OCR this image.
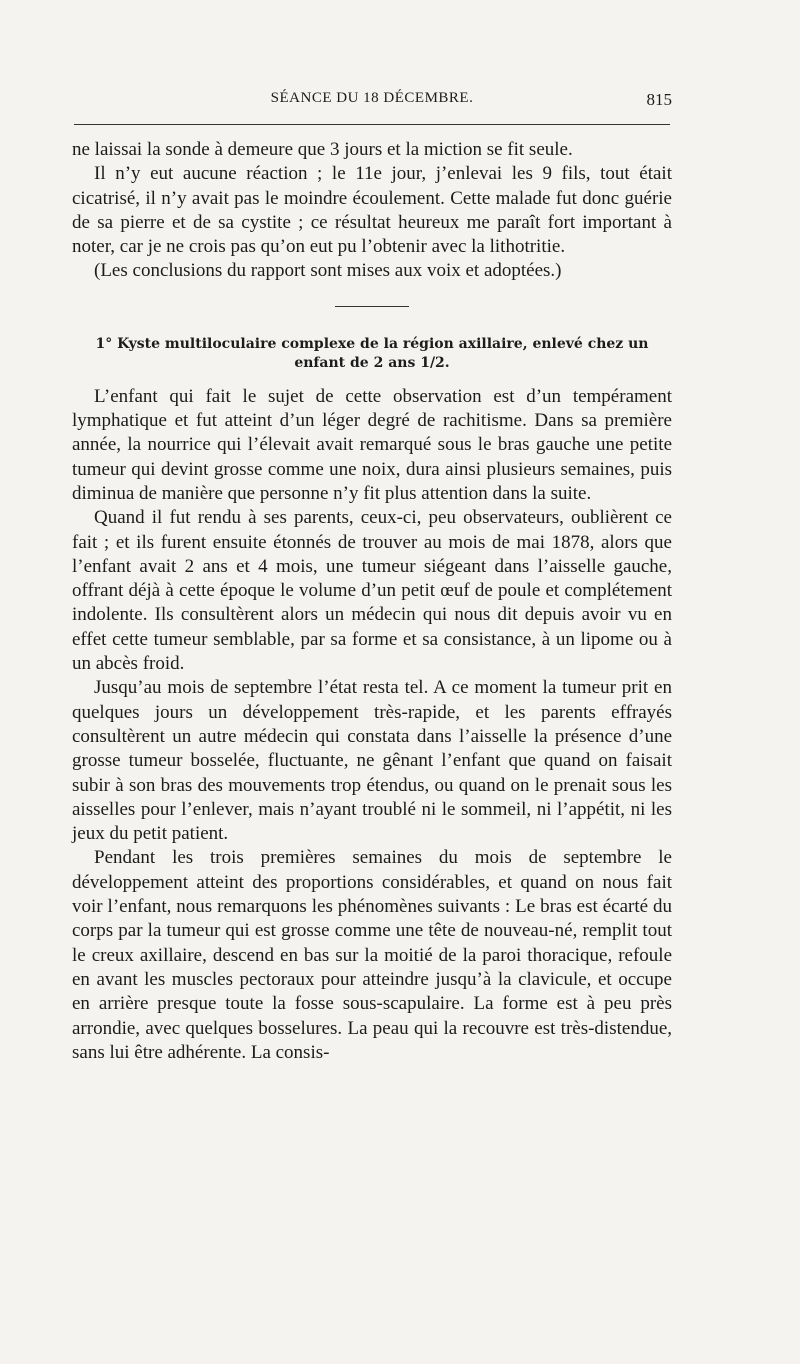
SÉANCE DU 18 DÉCEMBRE.	815

ne laissai la sonde à demeure que 3 jours et la miction se fit seule.

Il n’y eut aucune réaction ; le 11e jour, j’enlevai les 9 fils, tout était cicatrisé, il n’y avait pas le moindre écoulement. Cette malade fut donc guérie de sa pierre et de sa cystite ; ce résultat heureux me paraît fort important à noter, car je ne crois pas qu’on eut pu l’obtenir avec la lithotritie.

(Les conclusions du rapport sont mises aux voix et adoptées.)

1° Kyste multiloculaire complexe de la région axillaire, enlevé chez un enfant de 2 ans 1/2.

L’enfant qui fait le sujet de cette observation est d’un tempérament lymphatique et fut atteint d’un léger degré de rachitisme. Dans sa première année, la nourrice qui l’élevait avait remarqué sous le bras gauche une petite tumeur qui devint grosse comme une noix, dura ainsi plusieurs semaines, puis diminua de manière que personne n’y fit plus attention dans la suite.

Quand il fut rendu à ses parents, ceux-ci, peu observateurs, oublièrent ce fait ; et ils furent ensuite étonnés de trouver au mois de mai 1878, alors que l’enfant avait 2 ans et 4 mois, une tumeur siégeant dans l’aisselle gauche, offrant déjà à cette époque le volume d’un petit œuf de poule et complétement indolente. Ils consultèrent alors un médecin qui nous dit depuis avoir vu en effet cette tumeur semblable, par sa forme et sa consistance, à un lipome ou à un abcès froid.

Jusqu’au mois de septembre l’état resta tel. A ce moment la tumeur prit en quelques jours un développement très-rapide, et les parents effrayés consultèrent un autre médecin qui constata dans l’aisselle la présence d’une grosse tumeur bosselée, fluctuante, ne gênant l’enfant que quand on faisait subir à son bras des mouvements trop étendus, ou quand on le prenait sous les aisselles pour l’enlever, mais n’ayant troublé ni le sommeil, ni l’appétit, ni les jeux du petit patient.

Pendant les trois premières semaines du mois de septembre le développement atteint des proportions considérables, et quand on nous fait voir l’enfant, nous remarquons les phénomènes suivants : Le bras est écarté du corps par la tumeur qui est grosse comme une tête de nouveau-né, remplit tout le creux axillaire, descend en bas sur la moitié de la paroi thoracique, refoule en avant les muscles pectoraux pour atteindre jusqu’à la clavicule, et occupe en arrière presque toute la fosse sous-scapulaire. La forme est à peu près arrondie, avec quelques bosselures. La peau qui la recouvre est très-distendue, sans lui être adhérente. La consis-
